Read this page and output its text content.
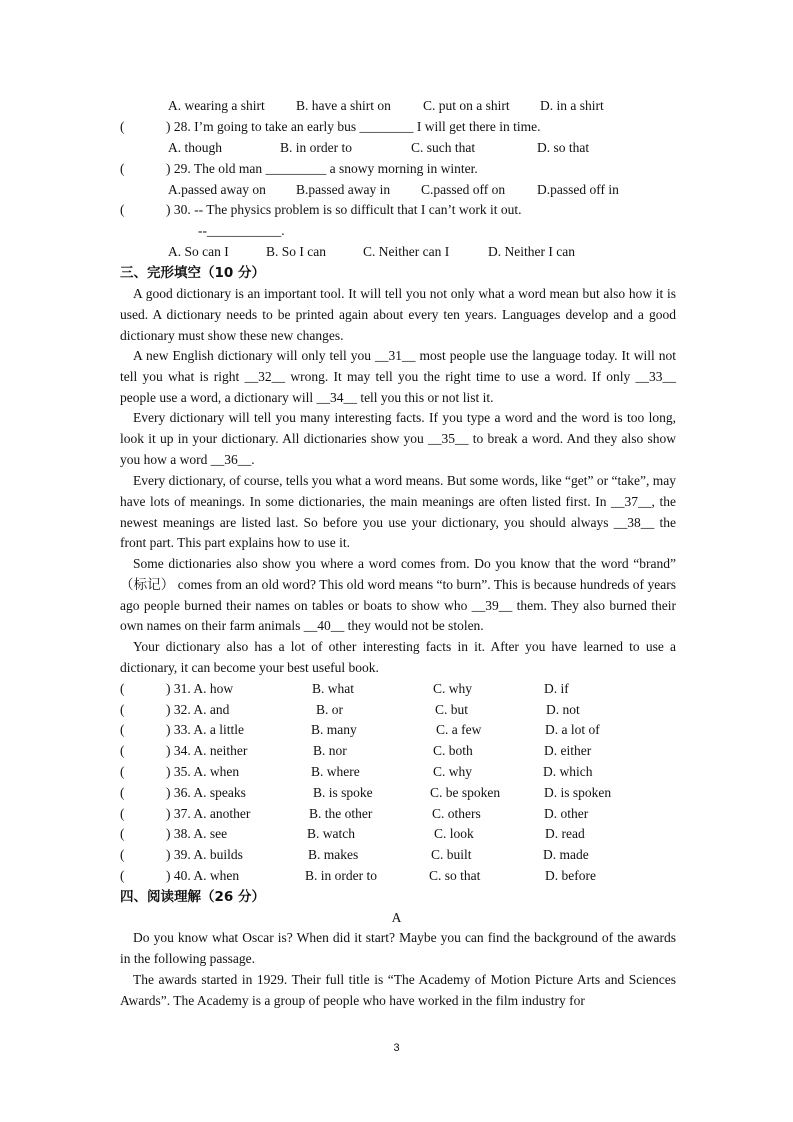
A. wearing a shirt B. have a shirt on C. put on a shirt D. in a shirt
(	) 28. I’m going to take an early bus ________ I will get there in time.
A. though	B. in order to	C. such that	D. so that
(	) 29. The old man _________ a snowy morning in winter.
A.passed away on B.passed away in C.passed off on D.passed off in
(	) 30. -- The physics problem is so difficult that I can’t work it out.
--___________.
A. So can I	B. So I can	C. Neither can I	D. Neither I can
三、完形填空（10 分）
A good dictionary is an important tool. It will tell you not only what a word mean but also how it is used. A dictionary needs to be printed again about every ten years. Languages develop and a good dictionary must show these new changes.
A new English dictionary will only tell you __31__ most people use the language today. It will not tell you what is right __32__ wrong. It may tell you the right time to use a word. If only __33__ people use a word, a dictionary will __34__ tell you this or not list it.
Every dictionary will tell you many interesting facts. If you type a word and the word is too long, look it up in your dictionary. All dictionaries show you __35__ to break a word. And they also show you how a word __36__.
Every dictionary, of course, tells you what a word means. But some words, like “get” or “take”, may have lots of meanings. In some dictionaries, the main meanings are often listed first. In __37__, the newest meanings are listed last. So before you use your dictionary, you should always __38__ the front part. This part explains how to use it.
Some dictionaries also show you where a word comes from. Do you know that the word “brand” （标记） comes from an old word? This old word means “to burn”. This is because hundreds of years ago people burned their names on tables or boats to show who __39__ them. They also burned their own names on their farm animals __40__ they would not be stolen.
Your dictionary also has a lot of other interesting facts in it. After you have learned to use a dictionary, it can become your best useful book.
(	) 31. A. how	B. what	C. why	D. if
(	) 32. A. and	B. or	C. but	D. not
(	) 33. A. a little	B. many	C. a few	D. a lot of
(	) 34. A. neither	B. nor	C. both	D. either
(	) 35. A. when	B. where	C. why	D. which
(	) 36. A. speaks	B. is spoke	C. be spoken	D. is spoken
(	) 37. A. another	B. the other	C. others	D. other
(	) 38. A. see	B. watch	C. look	D. read
(	) 39. A. builds	B. makes	C. built	D. made
(	) 40. A. when	B. in order to	C. so that	D. before
四、阅读理解（26 分）
A
Do you know what Oscar is? When did it start? Maybe you can find the background of the awards in the following passage.
The awards started in 1929. Their full title is “The Academy of Motion Picture Arts and Sciences Awards”. The Academy is a group of people who have worked in the film industry for
3
